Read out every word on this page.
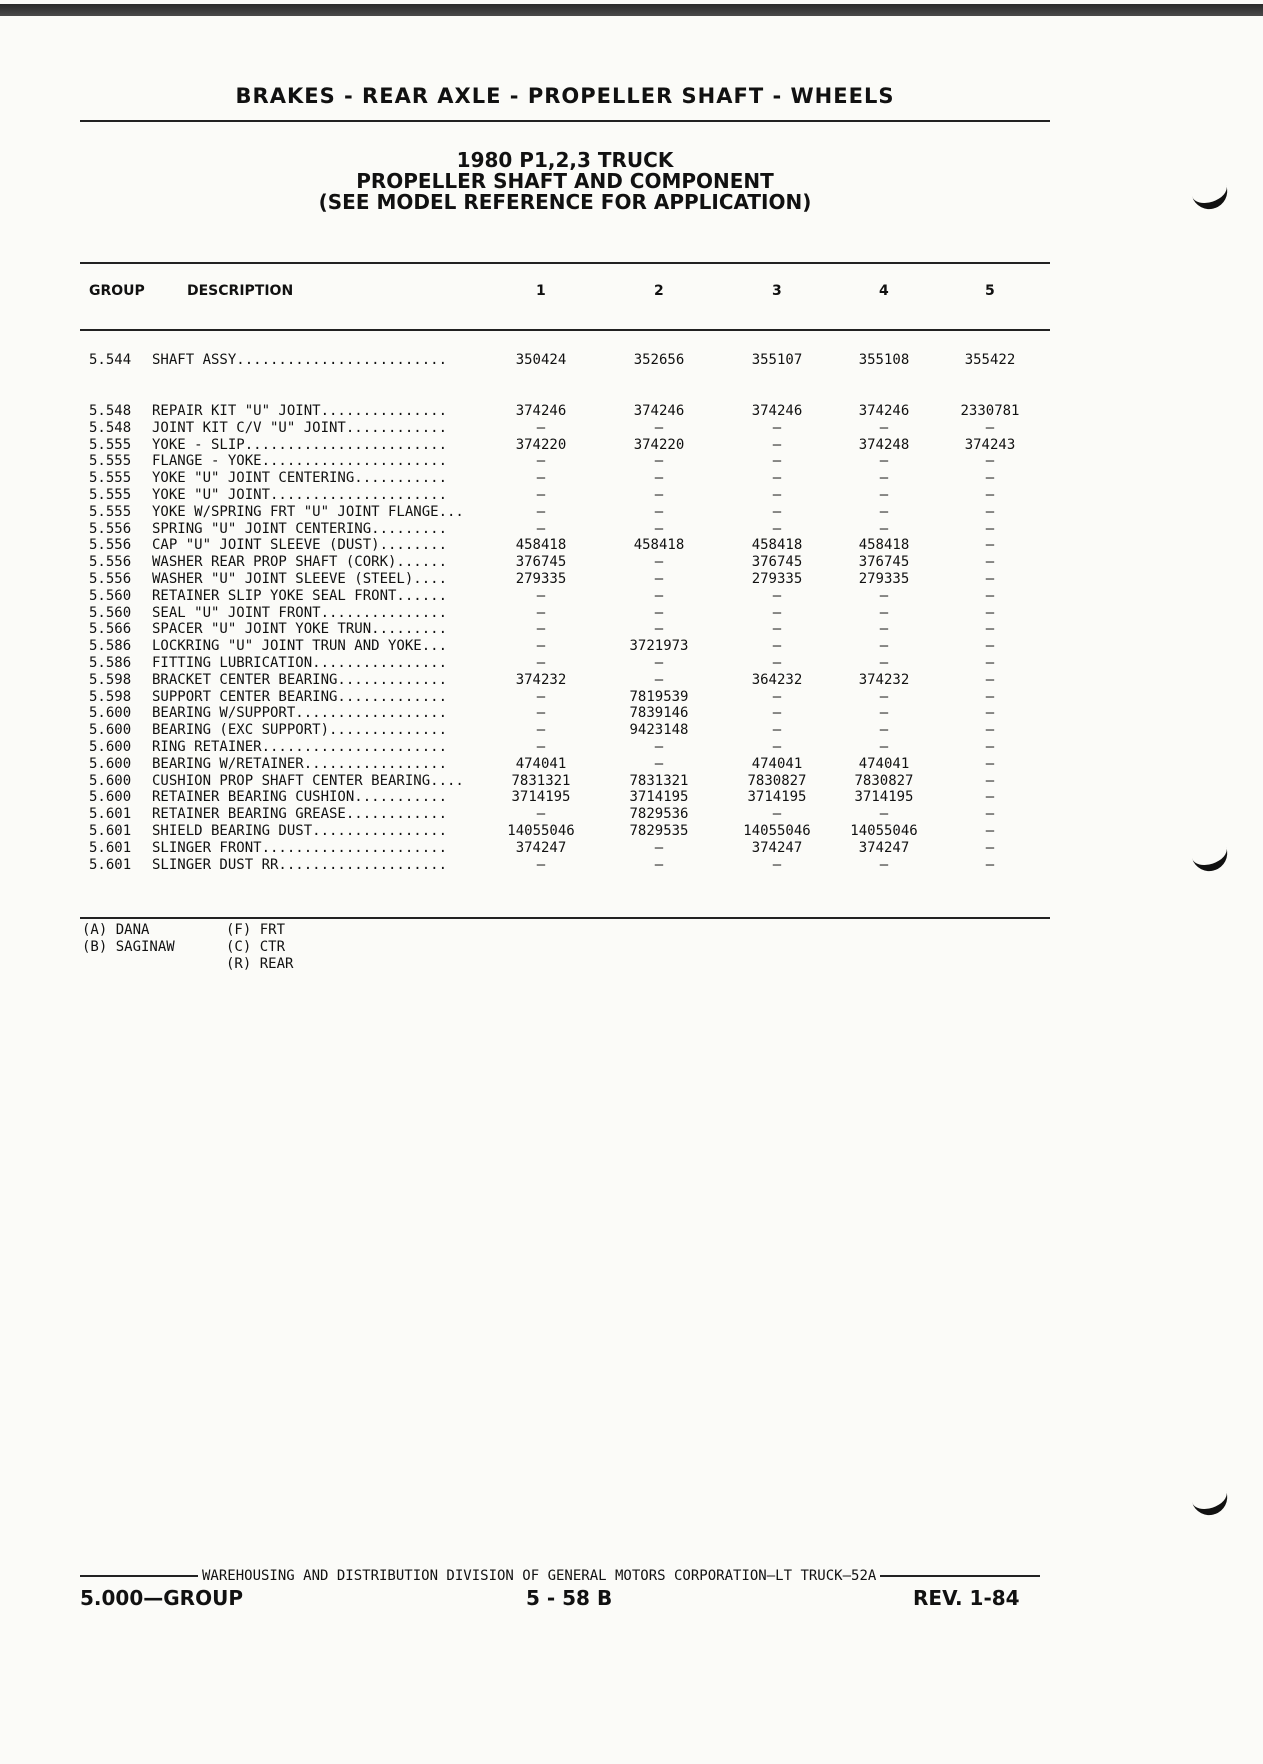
BRAKES - REAR AXLE - PROPELLER SHAFT - WHEELS
1980 P1,2,3 TRUCK
PROPELLER SHAFT AND COMPONENT
(SEE MODEL REFERENCE FOR APPLICATION)
GROUP	DESCRIPTION	1	2	3	4	5
5.544 SHAFT ASSY.........................	350424	352656	355107	355108	355422
5.548 REPAIR KIT "U" JOINT...............	374246	374246	374246	374246	2330781
5.548 JOINT KIT C/V "U" JOINT............	—	—	—	—	—
5.555 YOKE - SLIP........................	374220	374220	—	374248	374243
5.555 FLANGE - YOKE......................	—	—	—	—	—
5.555 YOKE "U" JOINT CENTERING...........	—	—	—	—	—
5.555 YOKE "U" JOINT.....................	—	—	—	—	—
5.555 YOKE W/SPRING FRT "U" JOINT FLANGE...	—	—	—	—	—
5.556 SPRING "U" JOINT CENTERING.........	—	—	—	—	—
5.556 CAP "U" JOINT SLEEVE (DUST)........	458418	458418	458418	458418	—
5.556 WASHER REAR PROP SHAFT (CORK)......	376745	—	376745	376745	—
5.556 WASHER "U" JOINT SLEEVE (STEEL)....	279335	—	279335	279335	—
5.560 RETAINER SLIP YOKE SEAL FRONT......	—	—	—	—	—
5.560 SEAL "U" JOINT FRONT...............	—	—	—	—	—
5.566 SPACER "U" JOINT YOKE TRUN.........	—	—	—	—	—
5.586 LOCKRING "U" JOINT TRUN AND YOKE...	—	3721973	—	—	—
5.586 FITTING LUBRICATION................	—	—	—	—	—
5.598 BRACKET CENTER BEARING.............	374232	—	364232	374232	—
5.598 SUPPORT CENTER BEARING.............	—	7819539	—	—	—
5.600 BEARING W/SUPPORT..................	—	7839146	—	—	—
5.600 BEARING (EXC SUPPORT)..............	—	9423148	—	—	—
5.600 RING RETAINER......................	—	—	—	—	—
5.600 BEARING W/RETAINER.................	474041	—	474041	474041	—
5.600 CUSHION PROP SHAFT CENTER BEARING....	7831321	7831321	7830827	7830827	—
5.600 RETAINER BEARING CUSHION...........	3714195	3714195	3714195	3714195	—
5.601 RETAINER BEARING GREASE............	—	7829536	—	—	—
5.601 SHIELD BEARING DUST................	14055046	7829535	14055046	14055046	—
5.601 SLINGER FRONT......................	374247	—	374247	374247	—
5.601 SLINGER DUST RR....................	—	—	—	—	—
(A) DANA
(B) SAGINAW
(F) FRT
(C) CTR
(R) REAR
WAREHOUSING AND DISTRIBUTION DIVISION OF GENERAL MOTORS CORPORATION—LT TRUCK—52A
5.000—GROUP	5 - 58 B	REV. 1-84
